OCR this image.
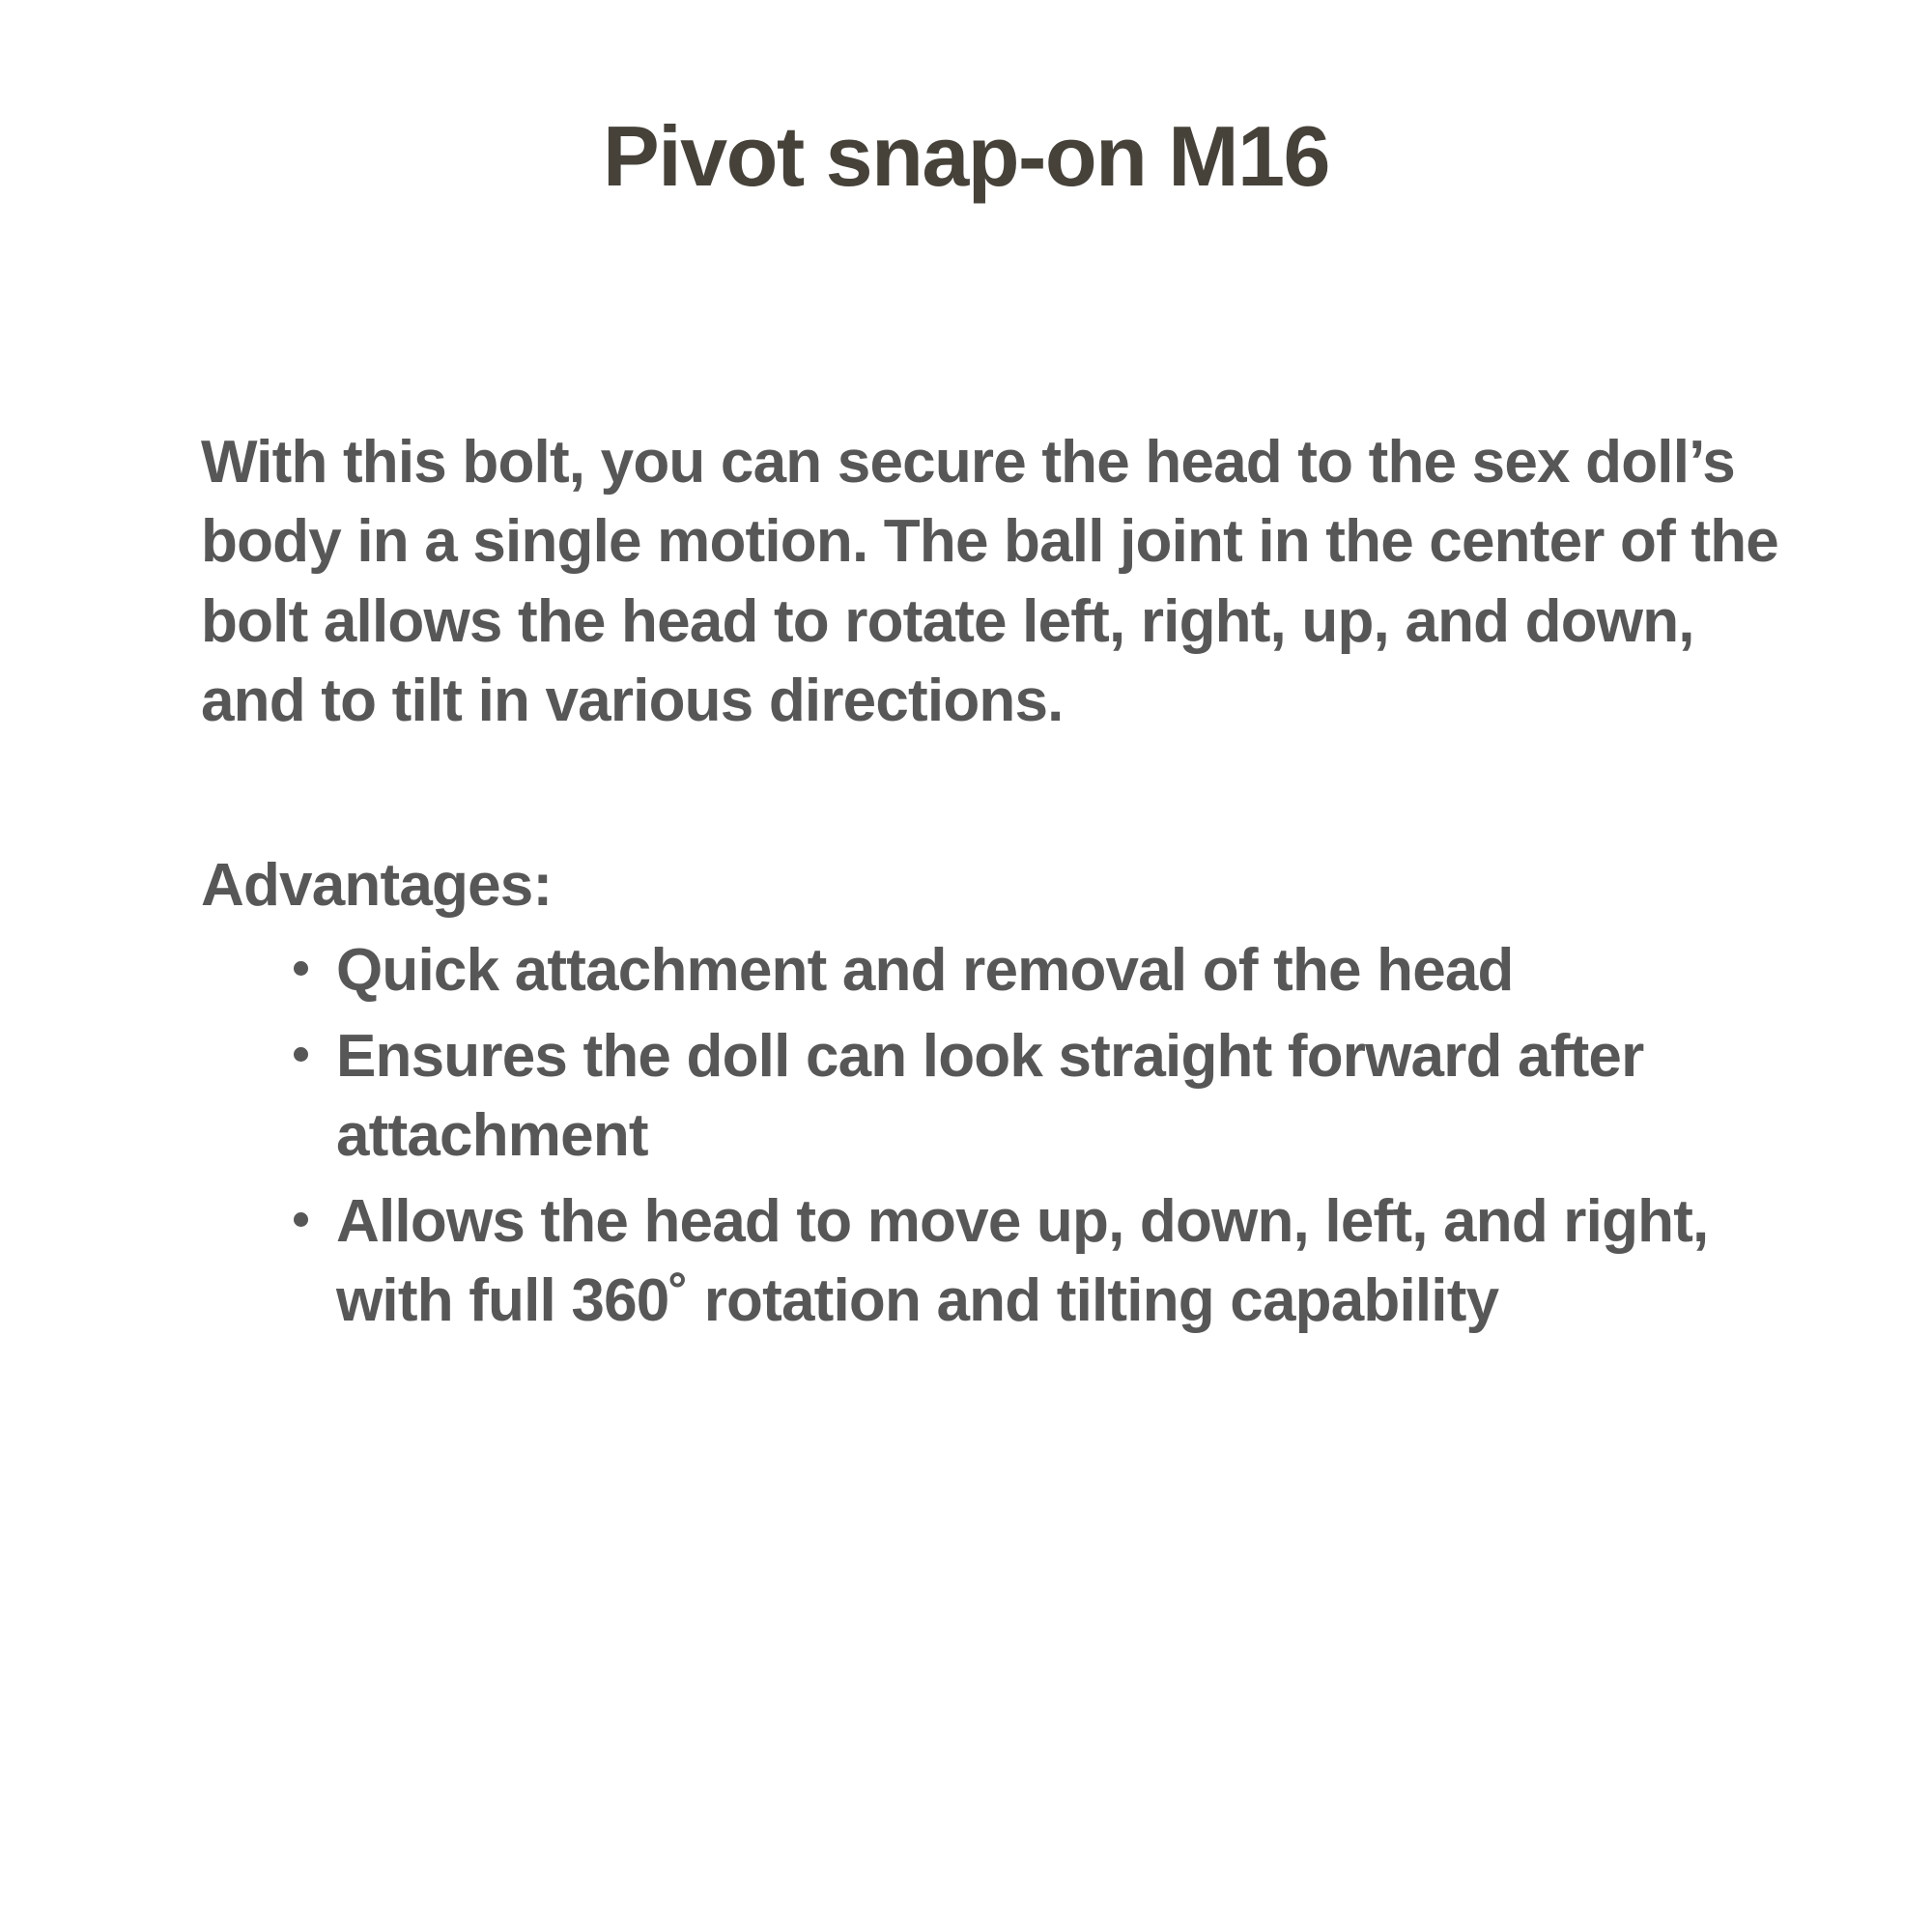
Pivot snap-on M16

With this bolt, you can secure the head to the sex doll’s body in a single motion. The ball joint in the center of the bolt allows the head to rotate left, right, up, and down, and to tilt in various directions.

Advantages:

Quick attachment and removal of the head
Ensures the doll can look straight forward after attachment
Allows the head to move up, down, left, and right, with full 360˚ rotation and tilting capability
